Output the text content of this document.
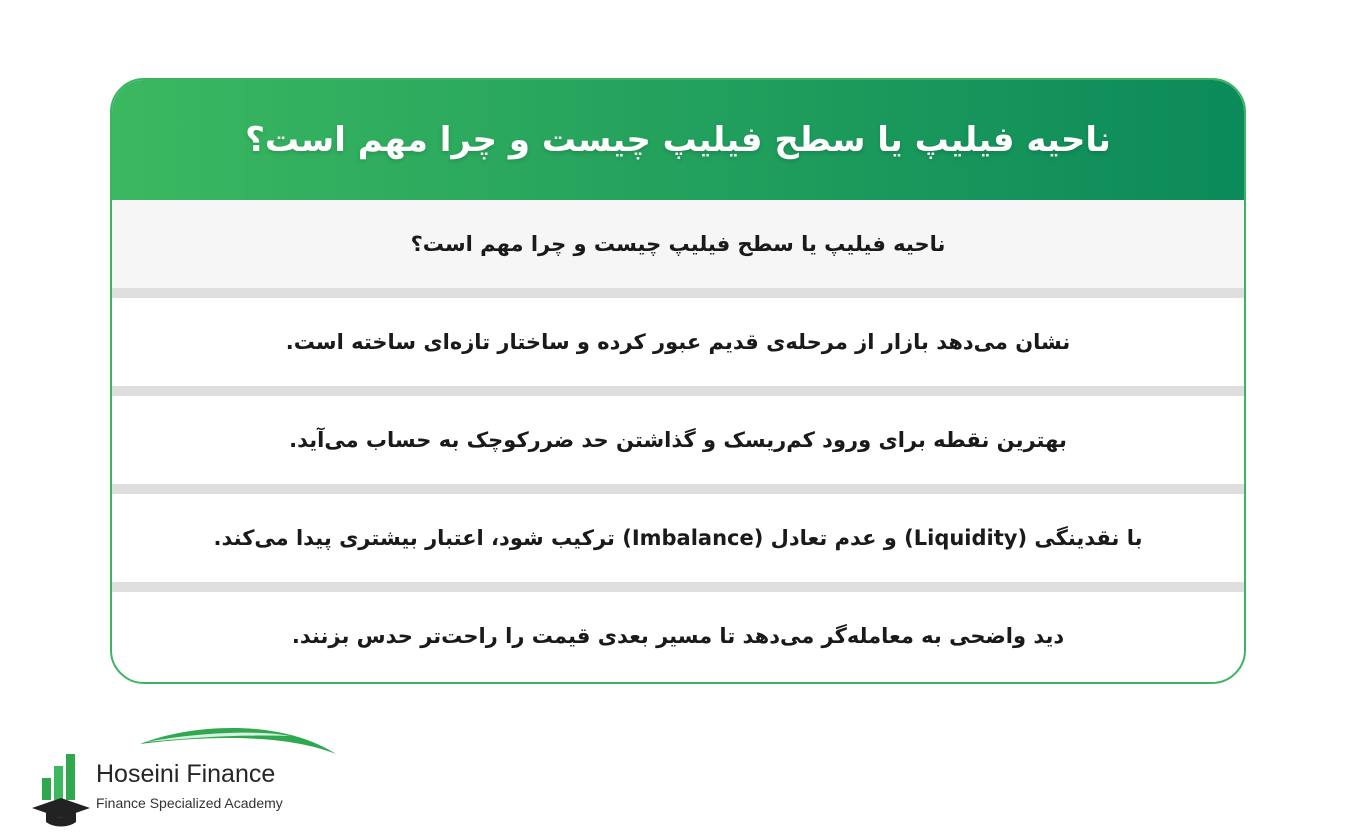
ناحیه فیلیپ یا سطح فیلیپ چیست و چرا مهم است؟
ناحیه فیلیپ یا سطح فیلیپ چیست و چرا مهم است؟
نشان می‌دهد بازار از مرحله‌ی قدیم عبور کرده و ساختار تازه‌ای ساخته است.
بهترین نقطه برای ورود کم‌ریسک و گذاشتن حد ضررکوچک به حساب می‌آید.
با نقدینگی (Liquidity) و عدم تعادل (Imbalance) ترکیب شود، اعتبار بیشتری پیدا می‌کند.
دید واضحی به معامله‌گر می‌دهد تا مسیر بعدی قیمت را راحت‌تر حدس بزنند.
Hoseini Finance
Finance Specialized Academy
